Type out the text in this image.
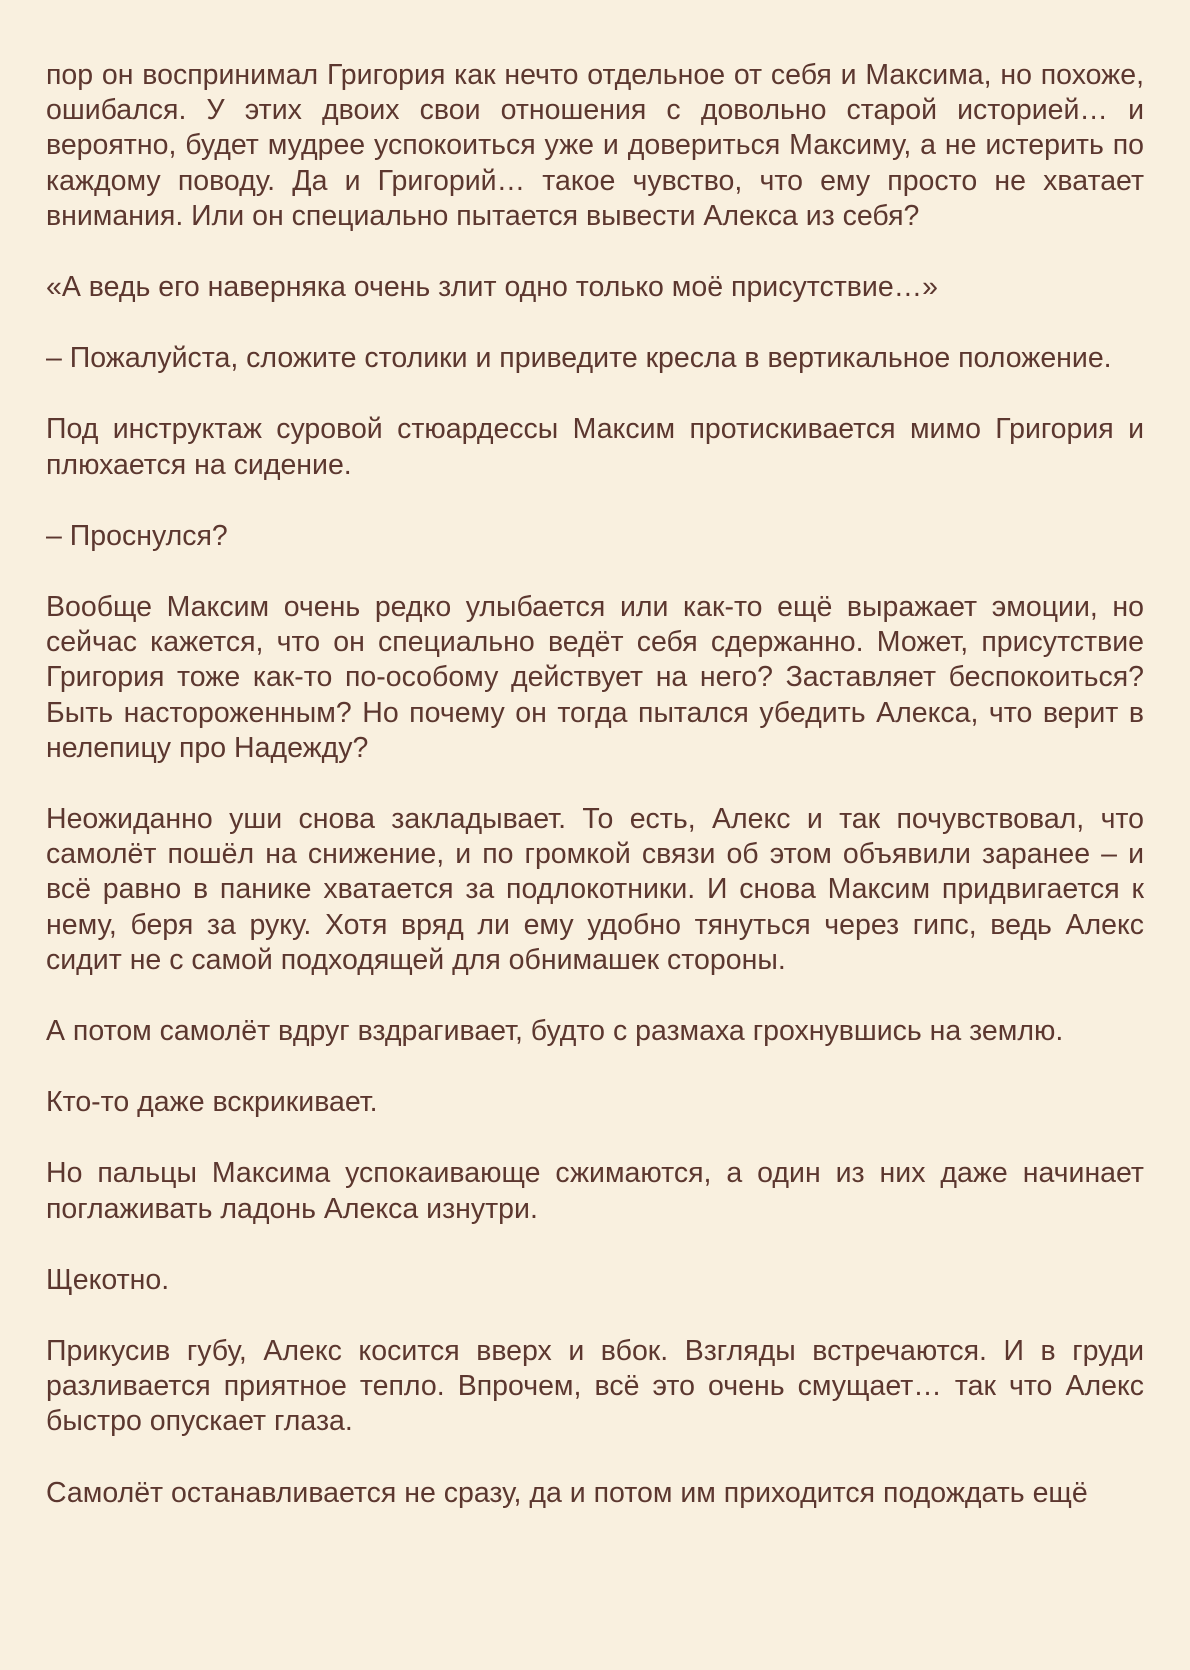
пор он воспринимал Григория как нечто отдельное от себя и Максима, но похоже, ошибался. У этих двоих свои отношения с довольно старой историей… и вероятно, будет мудрее успокоиться уже и довериться Максиму, а не истерить по каждому поводу. Да и Григорий… такое чувство, что ему просто не хватает внимания. Или он специально пытается вывести Алекса из себя?

«А ведь его наверняка очень злит одно только моё присутствие…»

– Пожалуйста, сложите столики и приведите кресла в вертикальное положение.

Под инструктаж суровой стюардессы Максим протискивается мимо Григория и плюхается на сидение.

– Проснулся?

Вообще Максим очень редко улыбается или как-то ещё выражает эмоции, но сейчас кажется, что он специально ведёт себя сдержанно. Может, присутствие Григория тоже как-то по-особому действует на него? Заставляет беспокоиться? Быть настороженным? Но почему он тогда пытался убедить Алекса, что верит в нелепицу про Надежду?

Неожиданно уши снова закладывает. То есть, Алекс и так почувствовал, что самолёт пошёл на снижение, и по громкой связи об этом объявили заранее – и всё равно в панике хватается за подлокотники. И снова Максим придвигается к нему, беря за руку. Хотя вряд ли ему удобно тянуться через гипс, ведь Алекс сидит не с самой подходящей для обнимашек стороны.

А потом самолёт вдруг вздрагивает, будто с размаха грохнувшись на землю.

Кто-то даже вскрикивает.

Но пальцы Максима успокаивающе сжимаются, а один из них даже начинает поглаживать ладонь Алекса изнутри.

Щекотно.

Прикусив губу, Алекс косится вверх и вбок. Взгляды встречаются. И в груди разливается приятное тепло. Впрочем, всё это очень смущает… так что Алекс быстро опускает глаза.

Самолёт останавливается не сразу, да и потом им приходится подождать ещё
